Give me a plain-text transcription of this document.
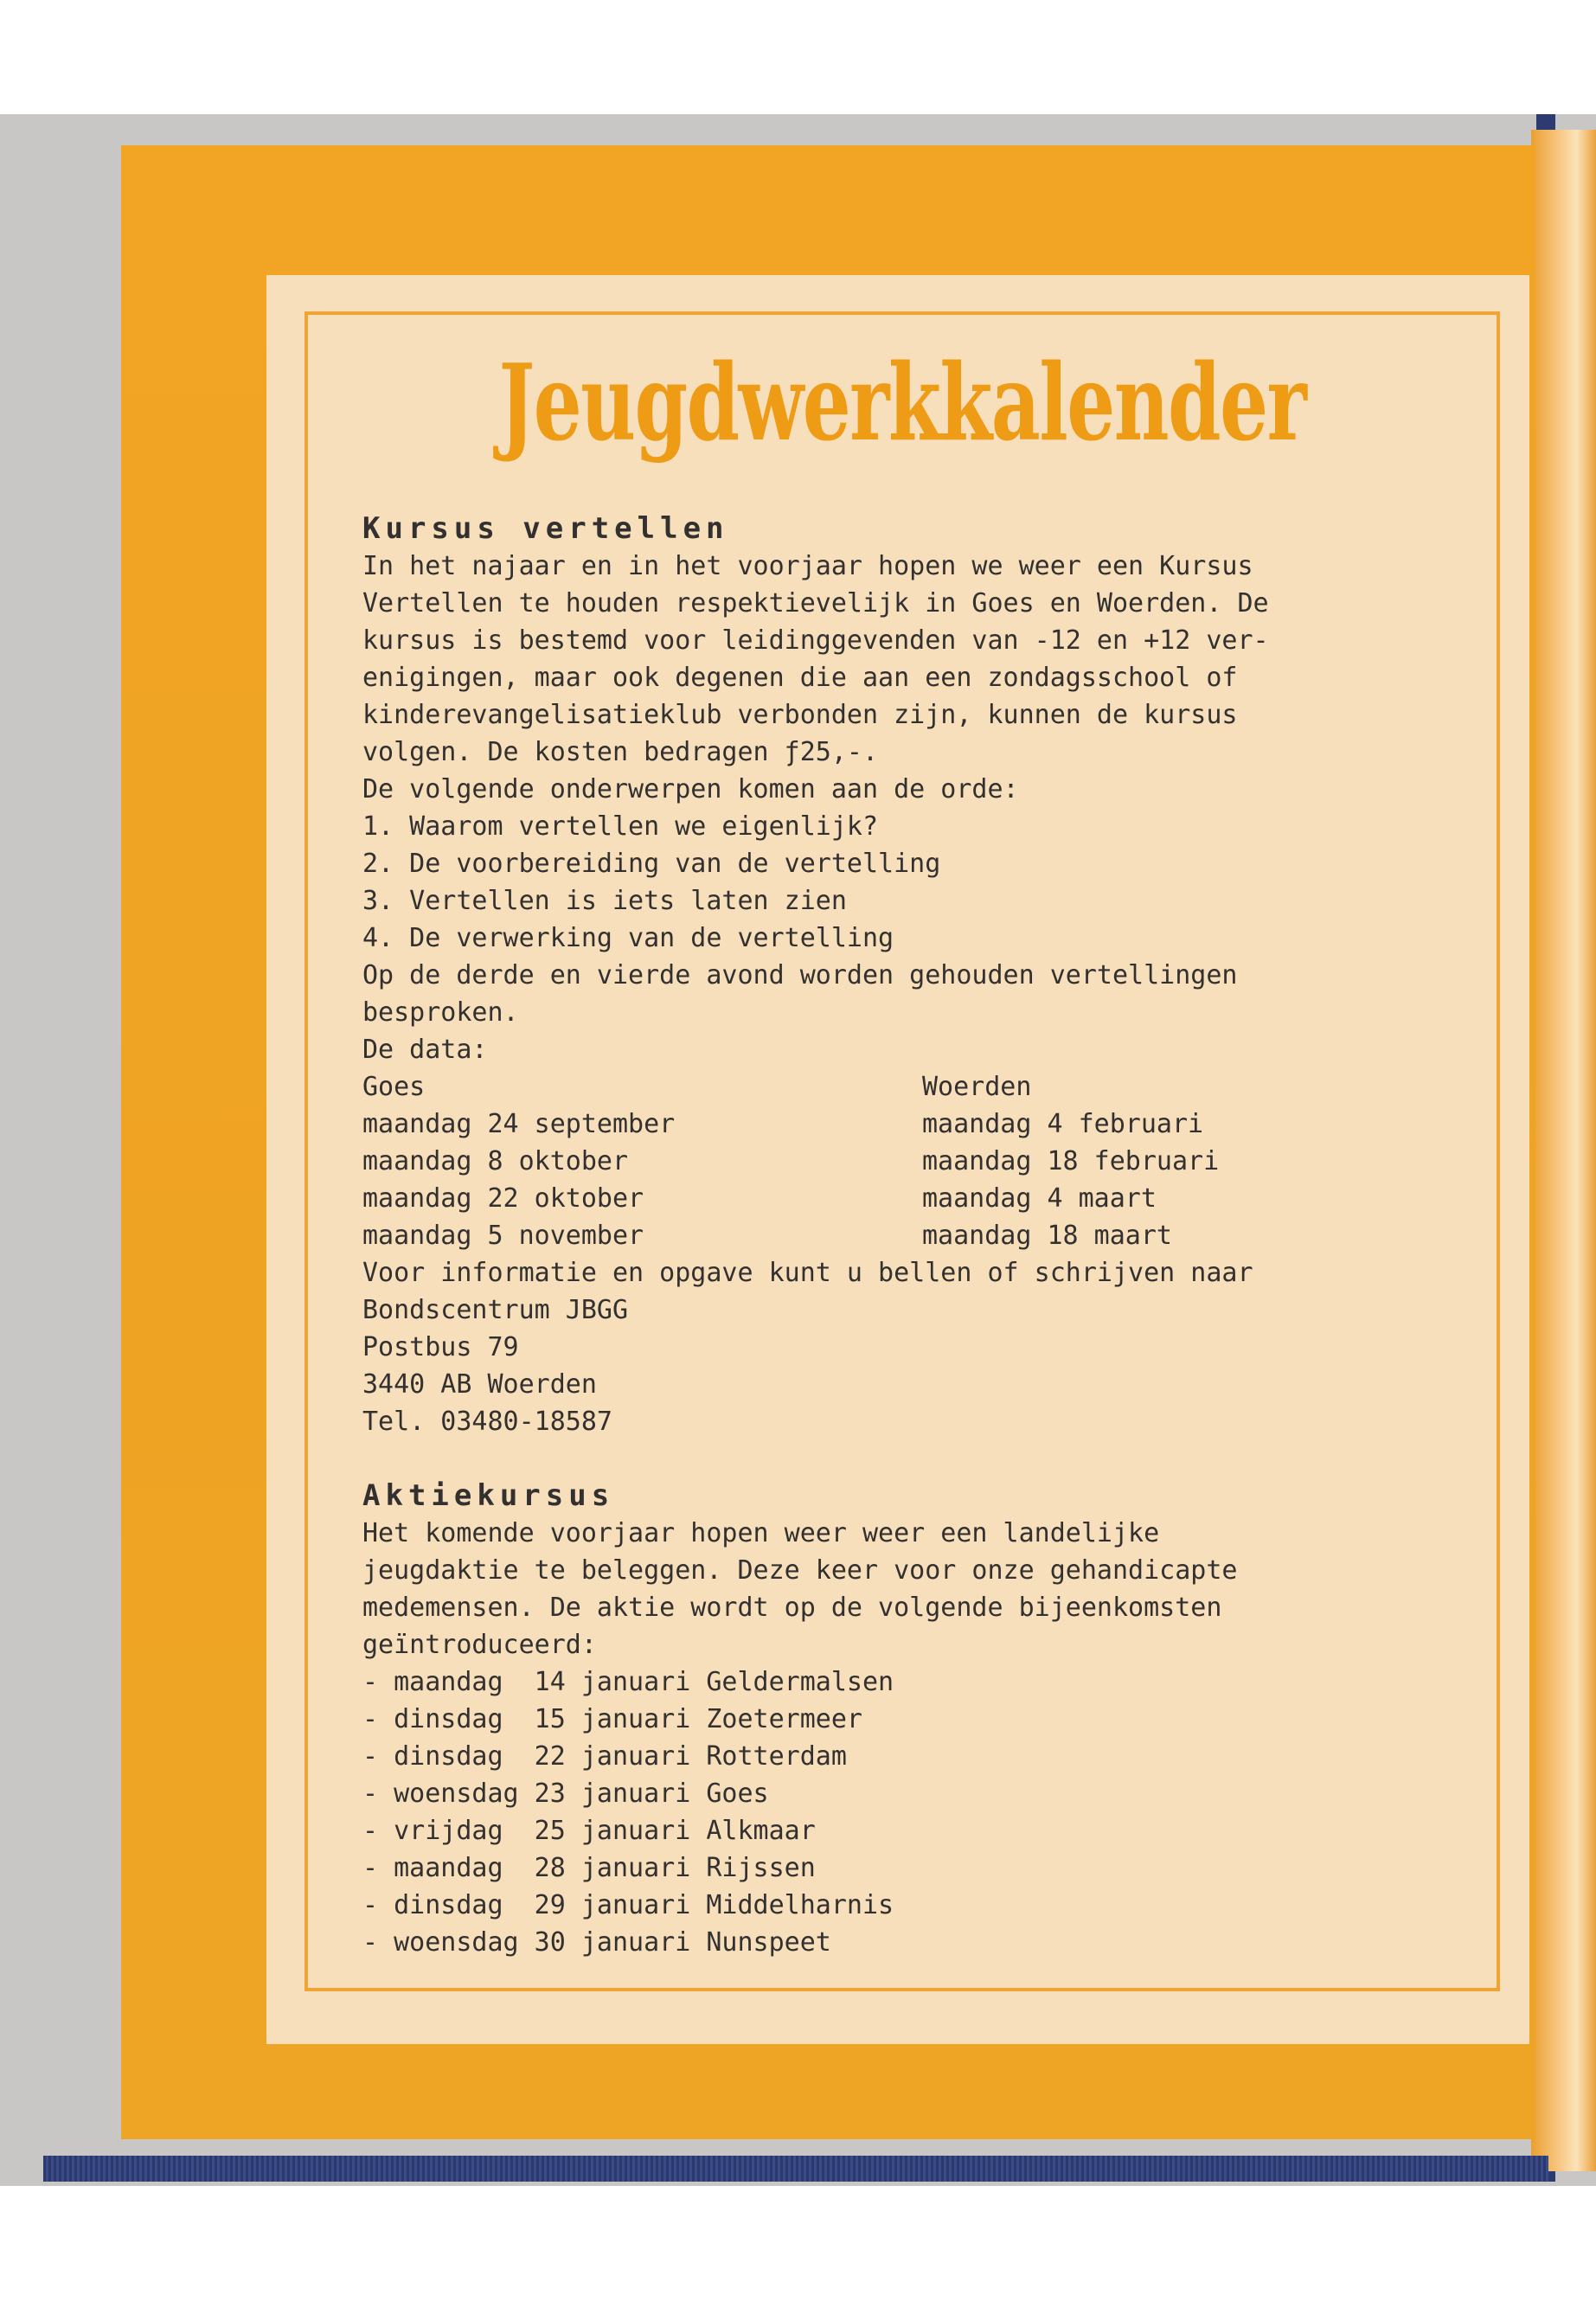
Jeugdwerkkalender
Kursus vertellen
In het najaar en in het voorjaar hopen we weer een Kursus
Vertellen te houden respektievelijk in Goes en Woerden. De
kursus is bestemd voor leidinggevenden van -12 en +12 ver-
enigingen, maar ook degenen die aan een zondagsschool of
kinderevangelisatieklub verbonden zijn, kunnen de kursus
volgen. De kosten bedragen ƒ25,-.
De volgende onderwerpen komen aan de orde:
1. Waarom vertellen we eigenlijk?
2. De voorbereiding van de vertelling
3. Vertellen is iets laten zien
4. De verwerking van de vertelling
Op de derde en vierde avond worden gehouden vertellingen
besproken.
De data:
Goes
maandag 24 september
maandag 8 oktober
maandag 22 oktober
maandag 5 november
Woerden
maandag 4 februari
maandag 18 februari
maandag 4 maart
maandag 18 maart
Voor informatie en opgave kunt u bellen of schrijven naar
Bondscentrum JBGG
Postbus 79
3440 AB Woerden
Tel. 03480-18587
Aktiekursus
Het komende voorjaar hopen weer weer een landelijke
jeugdaktie te beleggen. Deze keer voor onze gehandicapte
medemensen. De aktie wordt op de volgende bijeenkomsten
geïntroduceerd:
- maandag  14 januari Geldermalsen
- dinsdag  15 januari Zoetermeer
- dinsdag  22 januari Rotterdam
- woensdag 23 januari Goes
- vrijdag  25 januari Alkmaar
- maandag  28 januari Rijssen
- dinsdag  29 januari Middelharnis
- woensdag 30 januari Nunspeet
